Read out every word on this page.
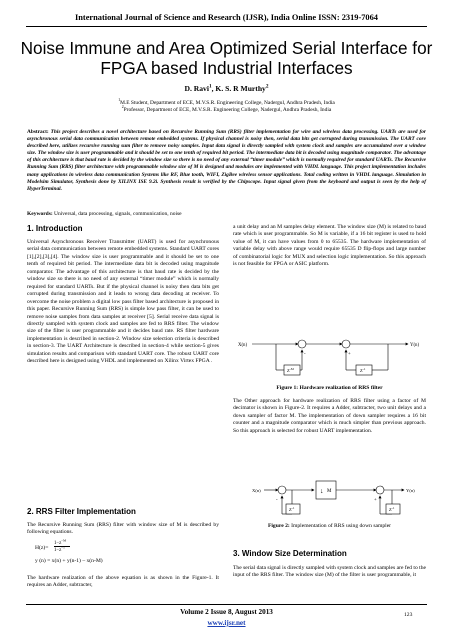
International Journal of Science and Research (IJSR), India Online ISSN: 2319-7064
Noise Immune and Area Optimized Serial Interface for FPGA based Industrial Interfaces
D. Ravi$^1$, K. S. R Murthy$^2$
$^1$M.E Student, Department of ECE, M.V.S.R. Engineering College, Nadergul, Andhra Pradesh, India
$^2$Professor, Department of ECE, M.V.S.R. Engineering College, Nadergul, Andhra Pradesh, India
Abstract: This project describes a novel architecture based on Recursive Running Sum (RRS) filter implementation for wire and wireless data processing. UARTs are used for asynchronous serial data communication between remote embedded systems. If physical channel is noisy then, serial data bits get corrupted during transmission. The UART core described here, utilizes recursive running sum filter to remove noisy samples. Input data signal is directly sampled with system clock and samples are accumulated over a window size. The window size is user programmable and it should be set to one tenth of required bit period. The intermediate data bit is decoded using magnitude comparator. The advantage of this architecture is that baud rate is decided by the window size so there is no need of any external “timer module” which is normally required for standard UARTs. The Recursive Running Sum (RRS) filter architecture with programmable window size of M is designed and modules are implemented with VHDL language. This project implementation includes many applications in wireless data communication Systems like RF, Blue tooth, WIFI, ZigBee wireless sensor applications. Total coding written in VHDL language. Simulation in Modelsim Simulator, Synthesis done by XILINX ISE 9.2i. Synthesis result is verified by the Chipscope. Input signal given from the keyboard and output is seen by the help of HyperTerminal.
Keywords: Universal, data processing, signals, communication, noise
1. Introduction
Universal Asynchronous Receiver Transmitter (UART) is used for asynchronous serial data communication between remote embedded systems. Standard UART cores [1],[2],[3],[4]. The window size is user programmable and it should be set to one tenth of required bit period. The intermediate data bit is decoded using magnitude comparator. The advantage of this architecture is that baud rate is decided by the window size so there is no need of any external “timer module” which is normally required for standard UARTs. But if the physical channel is noisy then data bits get corrupted during transmission and it leads to wrong data decoding at receiver. To overcome the noise problem a digital low pass filter based architecture is proposed in this paper. Recursive Running Sum (RRS) is simple low pass filter, it can be used to remove noise samples from data samples at receiver [5]. Serial receive data signal is directly sampled with system clock and samples are fed to RRS filter. The window size of the filter is user programmable and it decides baud rate. RS filter hardware implementation is described in section-2. Window size selection criteria is described in section-3. The UART Architecture is described in section-4 while section-5 gives simulation results and comparison with standard UART core. The robust UART core described here is designed using VHDL and implemented on Xilinx Virtex FPGA .
2. RRS Filter Implementation
The Recursive Running Sum (RRS) filter with window size of M is described by following equations.
H(z)=
$1-z^{-M}$
$1-z^{-1}$
y (n) = x(n) + y(n-1) – x(n-M)
The hardware realization of the above equation is as shown in the Figure-1. It requires an Adder, subtracter,
a unit delay and an M samples delay element. The window size (M) is related to baud rate which is user programmable. So M is variable, if a 16 bit register is used to hold value of M, it can have values from 0 to 65535. The hardware implementation of variable delay with above range would require 65535 D flip-flops and large number of combinatorial logic for MUX and selection logic implementation. So this approach is not feasible for FPGA or ASIC platform.
X(n)	Y(n)
-	+
$Z^{-M}$	$Z^{-1}$
Figure 1: Hardware realization of RRS filter
The Other approach for hardware realization of RRS filter using a factor of M decimator is shown in Figure-2. It requires a Adder, subtracter, two unit delays and a down sampler of factor M. The implementation of down sampler requires a 16 bit counter and a magnitude comparator which is much simpler than previous approach. So this approach is selected for robust UART implementation.
X(n)	Y(n)
-	+
↓ M
$Z^{-1}$	$Z^{-1}$
Figure 2: Implementation of RRS using down sampler
3. Window Size Determination
The serial data signal is directly sampled with system clock and samples are fed to the input of the RRS filter. The window size (M) of the filter is user programmable, it
Volume 2 Issue 8, August 2013
www.ijsr.net
123
